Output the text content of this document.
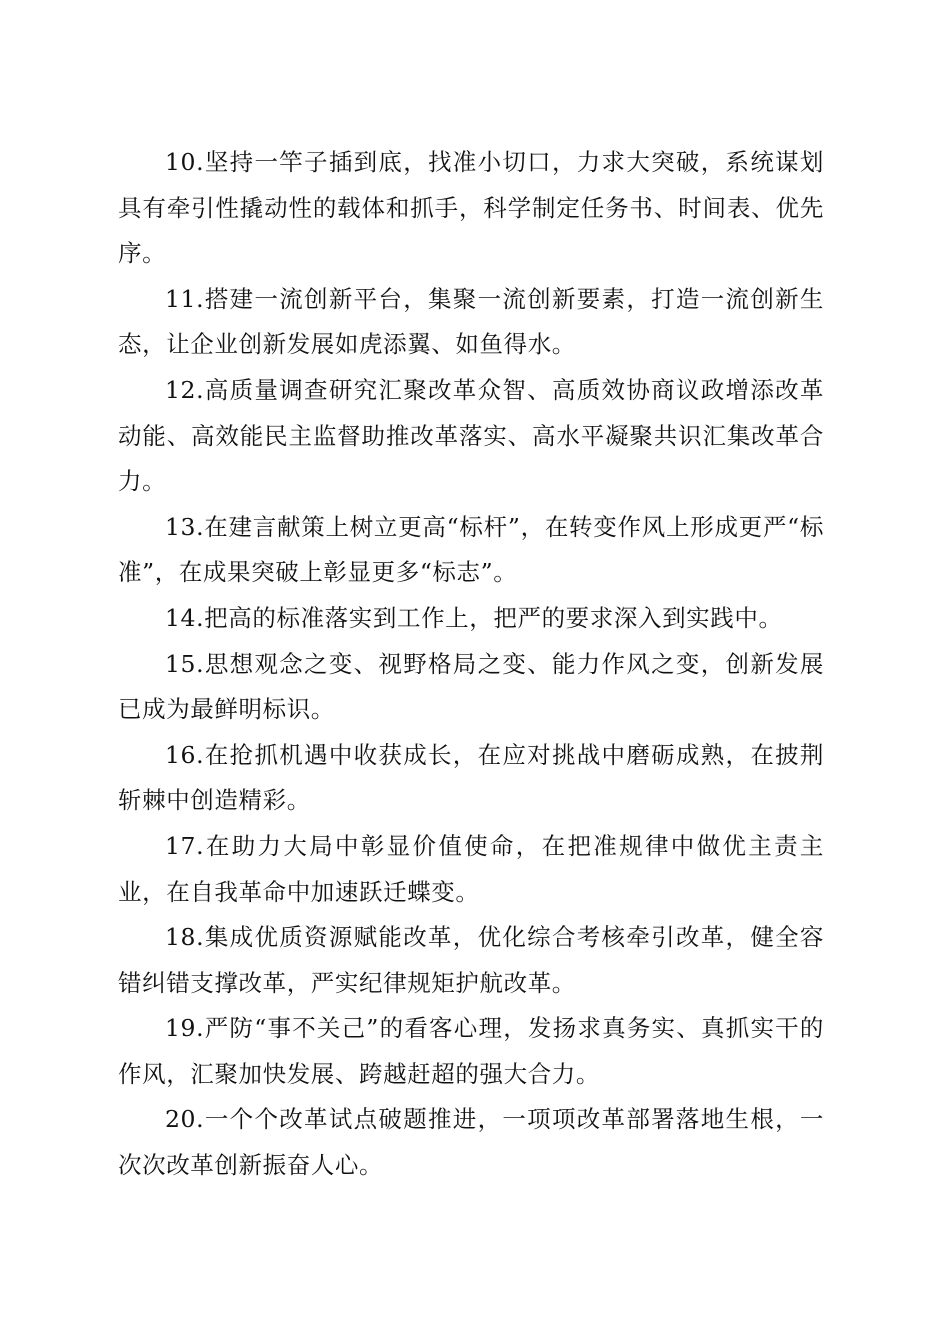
10.坚持一竿子插到底，找准小切口，力求大突破，系统谋划具有牵引性撬动性的载体和抓手，科学制定任务书、时间表、优先序。

11.搭建一流创新平台，集聚一流创新要素，打造一流创新生态，让企业创新发展如虎添翼、如鱼得水。

12.高质量调查研究汇聚改革众智、高质效协商议政增添改革动能、高效能民主监督助推改革落实、高水平凝聚共识汇集改革合力。

13.在建言献策上树立更高“标杆”，在转变作风上形成更严“标准”，在成果突破上彰显更多“标志”。

14.把高的标准落实到工作上，把严的要求深入到实践中。

15.思想观念之变、视野格局之变、能力作风之变，创新发展已成为最鲜明标识。

16.在抢抓机遇中收获成长，在应对挑战中磨砺成熟，在披荆斩棘中创造精彩。

17.在助力大局中彰显价值使命，在把准规律中做优主责主业，在自我革命中加速跃迁蝶变。

18.集成优质资源赋能改革，优化综合考核牵引改革，健全容错纠错支撑改革，严实纪律规矩护航改革。

19.严防“事不关己”的看客心理，发扬求真务实、真抓实干的作风，汇聚加快发展、跨越赶超的强大合力。

20.一个个改革试点破题推进，一项项改革部署落地生根，一次次改革创新振奋人心。
